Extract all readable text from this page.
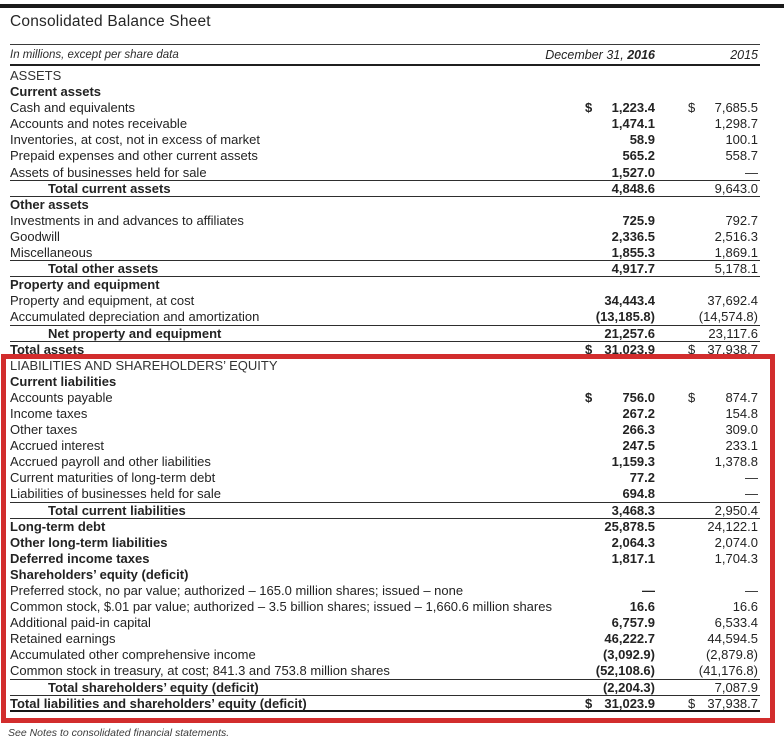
Consolidated Balance Sheet
In millions, except per share data	December 31, 2016	2015
ASSETS
Current assets
Cash and equivalents	$ 1,223.4	$ 7,685.5
Accounts and notes receivable	1,474.1	1,298.7
Inventories, at cost, not in excess of market	58.9	100.1
Prepaid expenses and other current assets	565.2	558.7
Assets of businesses held for sale	1,527.0	—
Total current assets	4,848.6	9,643.0
Other assets
Investments in and advances to affiliates	725.9	792.7
Goodwill	2,336.5	2,516.3
Miscellaneous	1,855.3	1,869.1
Total other assets	4,917.7	5,178.1
Property and equipment
Property and equipment, at cost	34,443.4	37,692.4
Accumulated depreciation and amortization	(13,185.8)	(14,574.8)
Net property and equipment	21,257.6	23,117.6
Total assets	$ 31,023.9	$ 37,938.7
LIABILITIES AND SHAREHOLDERS’ EQUITY
Current liabilities
Accounts payable	$ 756.0	$ 874.7
Income taxes	267.2	154.8
Other taxes	266.3	309.0
Accrued interest	247.5	233.1
Accrued payroll and other liabilities	1,159.3	1,378.8
Current maturities of long-term debt	77.2	—
Liabilities of businesses held for sale	694.8	—
Total current liabilities	3,468.3	2,950.4
Long-term debt	25,878.5	24,122.1
Other long-term liabilities	2,064.3	2,074.0
Deferred income taxes	1,817.1	1,704.3
Shareholders’ equity (deficit)
Preferred stock, no par value; authorized – 165.0 million shares; issued – none	—	—
Common stock, $.01 par value; authorized – 3.5 billion shares; issued – 1,660.6 million shares	16.6	16.6
Additional paid-in capital	6,757.9	6,533.4
Retained earnings	46,222.7	44,594.5
Accumulated other comprehensive income	(3,092.9)	(2,879.8)
Common stock in treasury, at cost; 841.3 and 753.8 million shares	(52,108.6)	(41,176.8)
Total shareholders’ equity (deficit)	(2,204.3)	7,087.9
Total liabilities and shareholders’ equity (deficit)	$ 31,023.9	$ 37,938.7
See Notes to consolidated financial statements.
